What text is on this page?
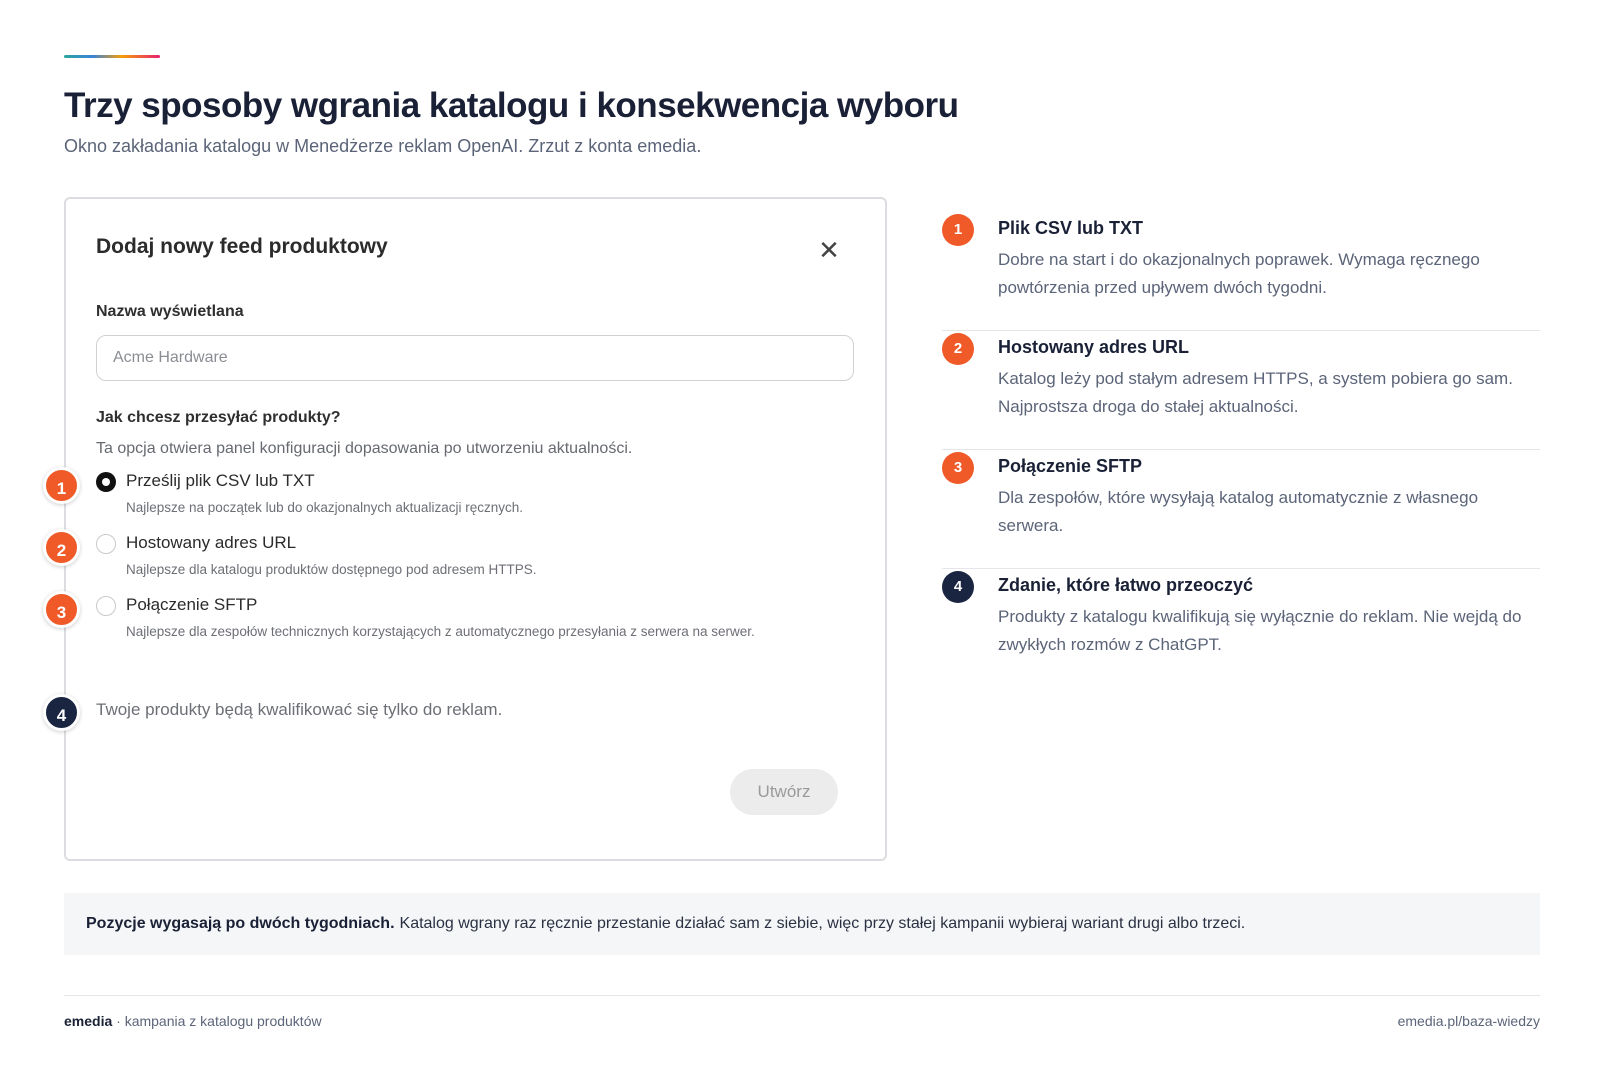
Trzy sposoby wgrania katalogu i konsekwencja wyboru

Okno zakładania katalogu w Menedżerze reklam OpenAI. Zrzut z konta emedia.

Dodaj nowy feed produktowy	✕
Nazwa wyświetlana
Acme Hardware
Jak chcesz przesyłać produkty?
Ta opcja otwiera panel konfiguracji dopasowania po utworzeniu aktualności.
Prześlij plik CSV lub TXT
Najlepsze na początek lub do okazjonalnych aktualizacji ręcznych.
Hostowany adres URL
Najlepsze dla katalogu produktów dostępnego pod adresem HTTPS.
Połączenie SFTP
Najlepsze dla zespołów technicznych korzystających z automatycznego przesyłania z serwera na serwer.
Twoje produkty będą kwalifikować się tylko do reklam.
Utwórz
1
2
3
4
1	Plik CSV lub TXT
Dobre na start i do okazjonalnych poprawek. Wymaga ręcznego powtórzenia przed upływem dwóch tygodni.
2	Hostowany adres URL
Katalog leży pod stałym adresem HTTPS, a system pobiera go sam. Najprostsza droga do stałej aktualności.
3	Połączenie SFTP
Dla zespołów, które wysyłają katalog automatycznie z własnego serwera.
4	Zdanie, które łatwo przeoczyć
Produkty z katalogu kwalifikują się wyłącznie do reklam. Nie wejdą do zwykłych rozmów z ChatGPT.
Pozycje wygasają po dwóch tygodniach. Katalog wgrany raz ręcznie przestanie działać sam z siebie, więc przy stałej kampanii wybieraj wariant drugi albo trzeci.
emedia · kampania z katalogu produktów	emedia.pl/baza-wiedzy
